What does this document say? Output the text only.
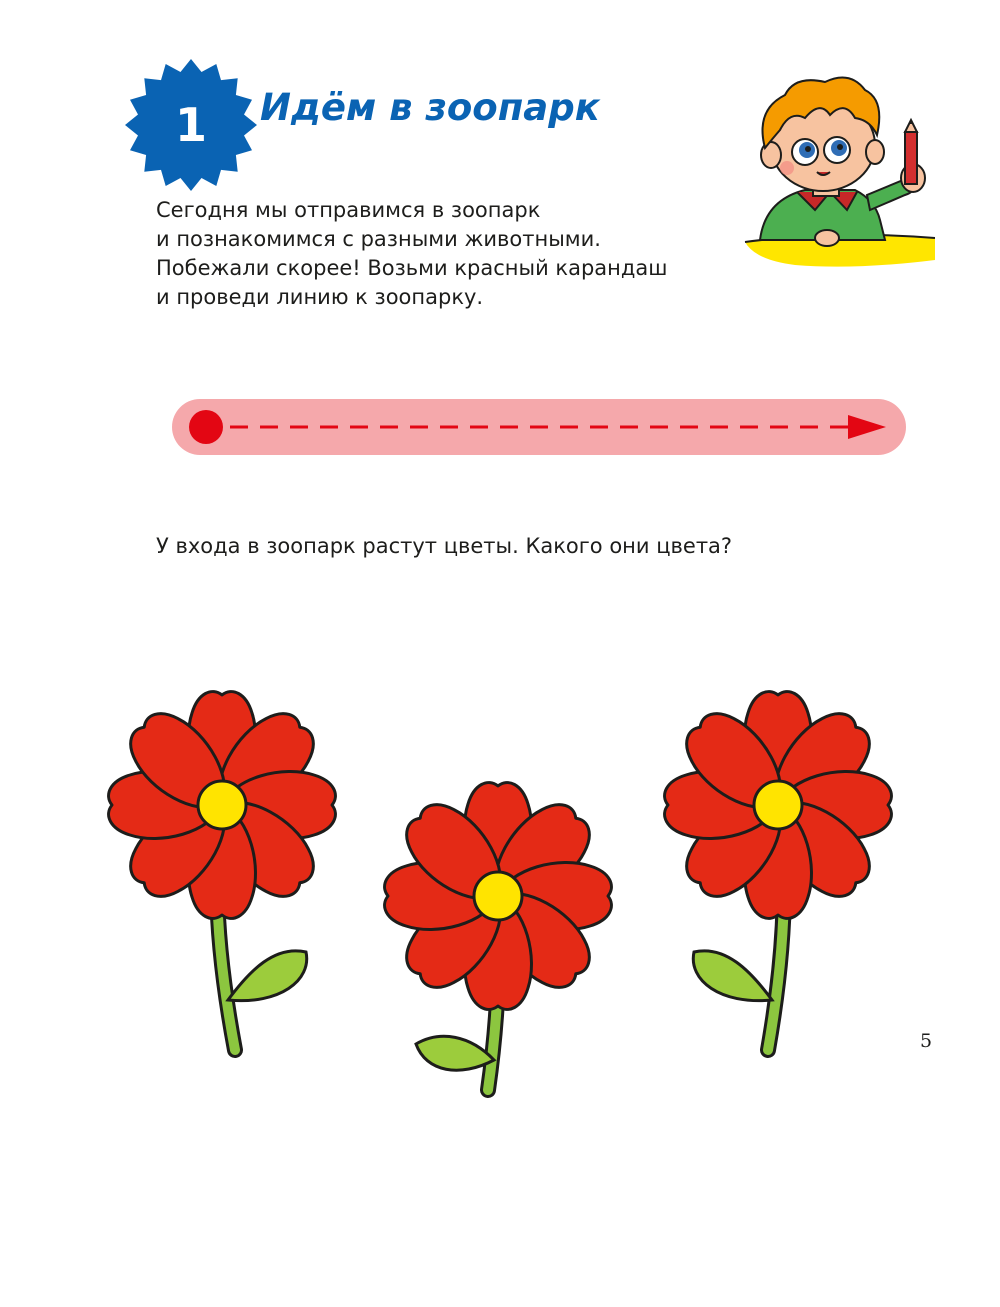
1	Идём в зоопарк
Сегодня мы отправимся в зоопарк
и познакомимся с разными животными.
Побежали скорее! Возьми красный карандаш
и проведи линию к зоопарку.

У входа в зоопарк растут цветы. Какого они цвета?

5
